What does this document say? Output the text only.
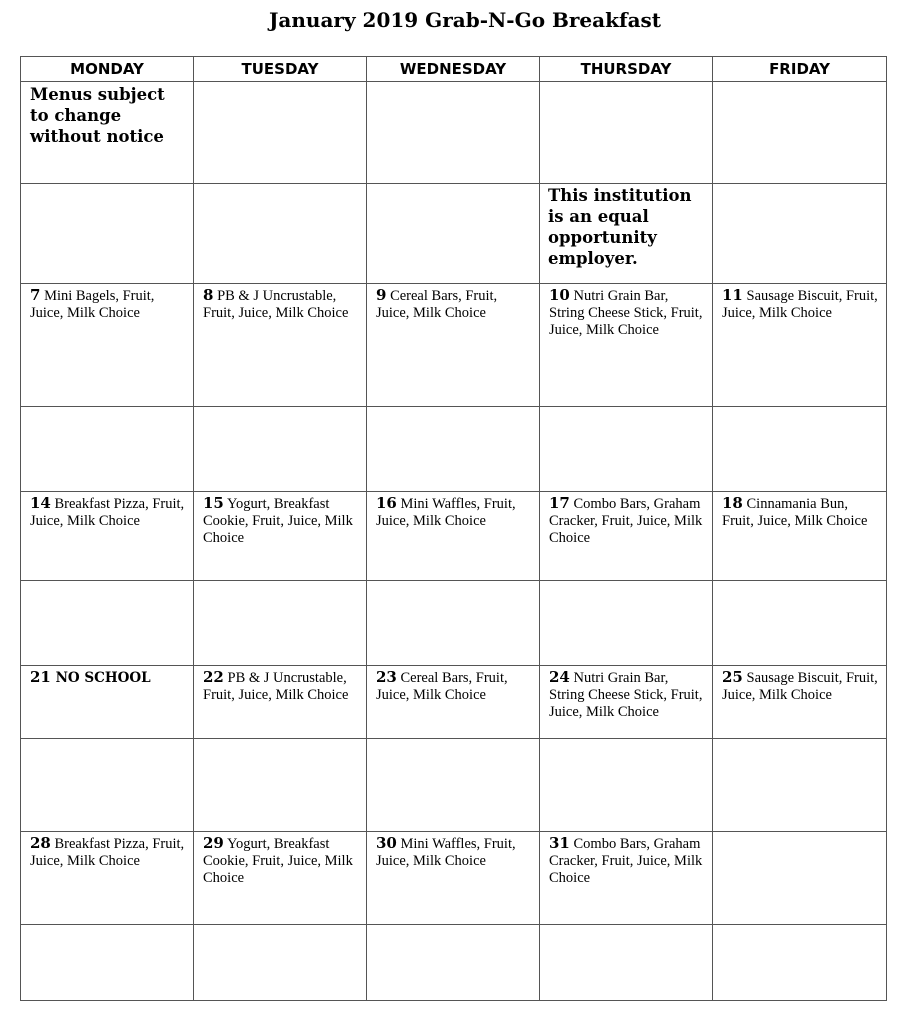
January 2019 Grab-N-Go Breakfast
MONDAY	TUESDAY	WEDNESDAY	THURSDAY	FRIDAY

Menus subject to change without notice				

			This institution is an equal opportunity employer.	

7 Mini Bagels, Fruit, Juice, Milk Choice	8 PB & J Uncrustable, Fruit, Juice, Milk Choice	9 Cereal Bars, Fruit, Juice, Milk Choice	10 Nutri Grain Bar, String Cheese Stick, Fruit, Juice, Milk Choice	11 Sausage Biscuit, Fruit, Juice, Milk Choice

14 Breakfast Pizza, Fruit, Juice, Milk Choice	15 Yogurt, Breakfast Cookie, Fruit, Juice, Milk Choice	16 Mini Waffles, Fruit, Juice, Milk Choice	17 Combo Bars, Graham Cracker, Fruit, Juice, Milk Choice	18 Cinnamania Bun, Fruit, Juice, Milk Choice

21 NO SCHOOL	22 PB & J Uncrustable, Fruit, Juice, Milk Choice	23 Cereal Bars, Fruit, Juice, Milk Choice	24 Nutri Grain Bar, String Cheese Stick, Fruit, Juice, Milk Choice	25 Sausage Biscuit, Fruit, Juice, Milk Choice

28 Breakfast Pizza, Fruit, Juice, Milk Choice	29 Yogurt, Breakfast Cookie, Fruit, Juice, Milk Choice	30 Mini Waffles, Fruit, Juice, Milk Choice	31 Combo Bars, Graham Cracker, Fruit, Juice, Milk Choice	
